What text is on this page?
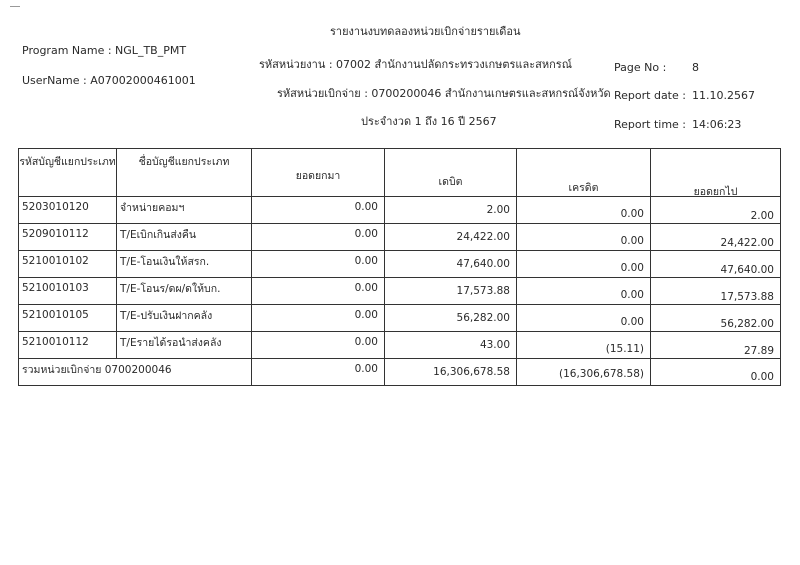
รายงานงบทดลองหน่วยเบิกจ่ายรายเดือน
Program Name : NGL_TB_PMT
UserName : A07002000461001
รหัสหน่วยงาน : 07002 สำนักงานปลัดกระทรวงเกษตรและสหกรณ์
รหัสหน่วยเบิกจ่าย : 0700200046 สำนักงานเกษตรและสหกรณ์จังหวัด
ประจำงวด 1 ถึง 16 ปี 2567
Page No : 8
Report date : 11.10.2567
Report time : 14:06:23
รหัสบัญชีแยกประเภท	ชื่อบัญชีแยกประเภท	ยอดยกมา	เดบิต	เครดิต	ยอดยกไป

5203010120	จำหน่ายคอมฯ	0.00	2.00	0.00	2.00

5209010112	T/Eเบิกเกินส่งคืน	0.00	24,422.00	0.00	24,422.00

5210010102	T/E-โอนเงินให้สรก.	0.00	47,640.00	0.00	47,640.00

5210010103	T/E-โอนร/ดผ/ดให้บก.	0.00	17,573.88	0.00	17,573.88

5210010105	T/E-ปรับเงินฝากคลัง	0.00	56,282.00	0.00	56,282.00

5210010112	T/Eรายได้รอนำส่งคลัง	0.00	43.00	(15.11)	27.89

รวมหน่วยเบิกจ่าย 0700200046		0.00	16,306,678.58	(16,306,678.58)	0.00
